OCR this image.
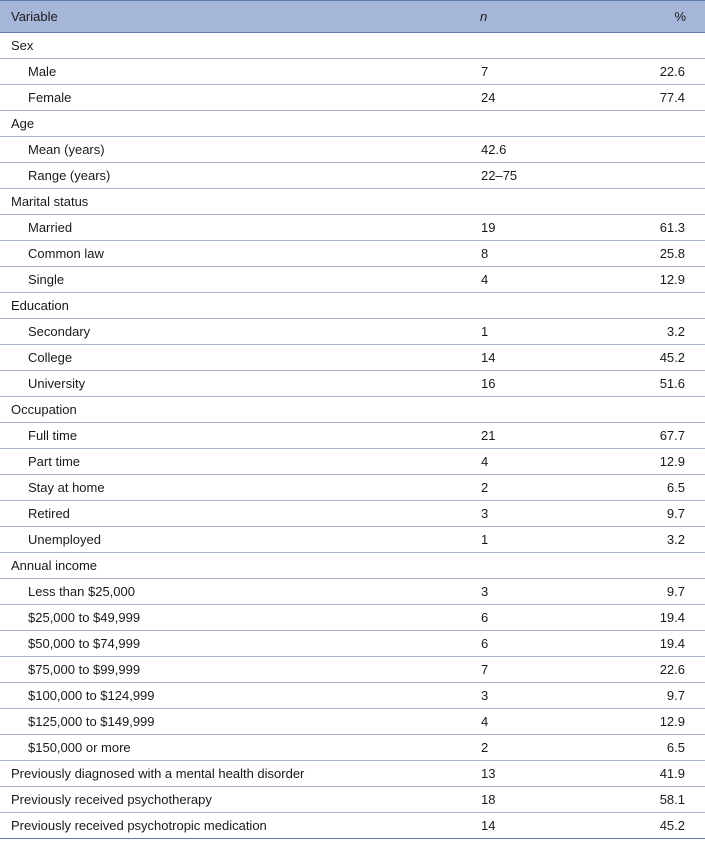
Variable	n	%
Sex		
Male	7	22.6
Female	24	77.4
Age		
Mean (years)	42.6	
Range (years)	22–75	
Marital status		
Married	19	61.3
Common law	8	25.8
Single	4	12.9
Education		
Secondary	1	3.2
College	14	45.2
University	16	51.6
Occupation		
Full time	21	67.7
Part time	4	12.9
Stay at home	2	6.5
Retired	3	9.7
Unemployed	1	3.2
Annual income		
Less than $25,000	3	9.7
$25,000 to $49,999	6	19.4
$50,000 to $74,999	6	19.4
$75,000 to $99,999	7	22.6
$100,000 to $124,999	3	9.7
$125,000 to $149,999	4	12.9
$150,000 or more	2	6.5
Previously diagnosed with a mental health disorder	13	41.9
Previously received psychotherapy	18	58.1
Previously received psychotropic medication	14	45.2
